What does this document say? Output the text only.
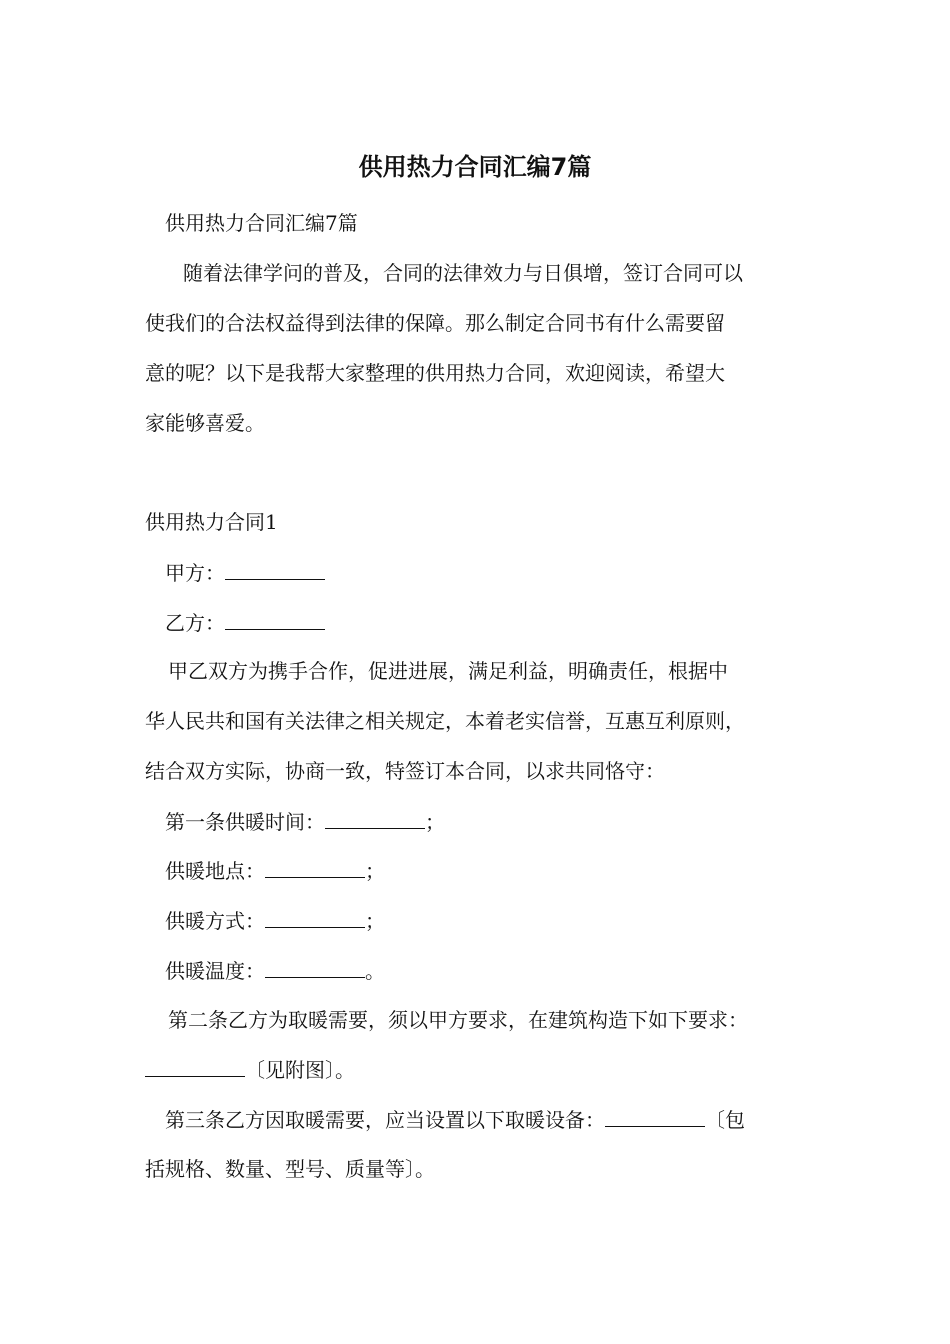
供用热力合同汇编7篇
供用热力合同汇编7篇
随着法律学问的普及，合同的法律效力与日俱增，签订合同可以
使我们的合法权益得到法律的保障。那么制定合同书有什么需要留
意的呢？以下是我帮大家整理的供用热力合同，欢迎阅读，希望大
家能够喜爱。
供用热力合同1
甲方：
乙方：
甲乙双方为携手合作，促进进展，满足利益，明确责任，根据中
华人民共和国有关法律之相关规定，本着老实信誉，互惠互利原则，
结合双方实际，协商一致，特签订本合同，以求共同恪守：
第一条供暖时间：	；
供暖地点：	；
供暖方式：	；
供暖温度：	。
第二条乙方为取暖需要，须以甲方要求，在建筑构造下如下要求：
〔见附图〕。
第三条乙方因取暖需要，应当设置以下取暖设备：	〔包
括规格、数量、型号、质量等〕。
